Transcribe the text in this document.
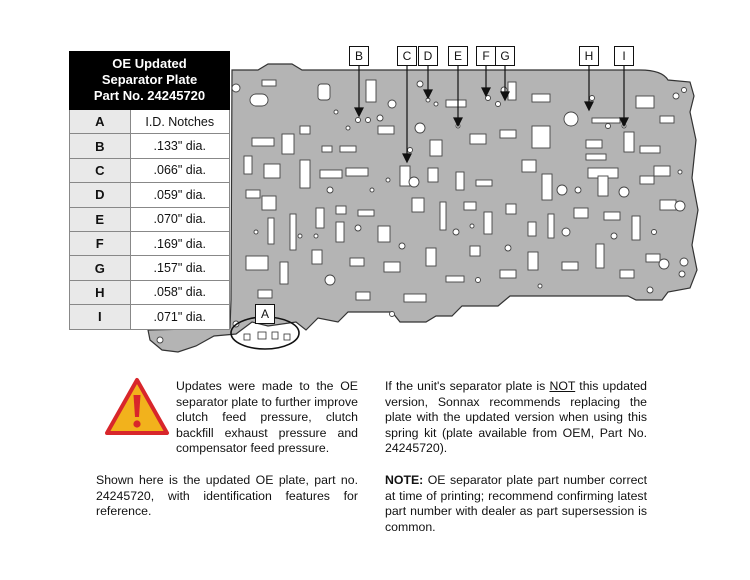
B	C	D	E	F G	H	I
A
OE Updated
Separator Plate
Part No. 24245720	
A	I.D. Notches
B	.133" dia.
C	.066" dia.
D	.059" dia.
E	.070" dia.
F	.169" dia.
G	.157" dia.
H	.058" dia.
I	.071" dia.

Updates were made to the OE separator plate to further improve clutch feed pressure, clutch backfill exhaust pressure and compensator feed pressure.

Shown here is the updated OE plate, part no. 24245720, with identification features for reference.

If the unit's separator plate is NOT this updated version, Sonnax recommends replacing the plate with the updated version when using this spring kit (plate available from OEM, Part No. 24245720).

NOTE: OE separator plate part number correct at time of printing; recommend confirming latest part number with dealer as part supersession is common.
